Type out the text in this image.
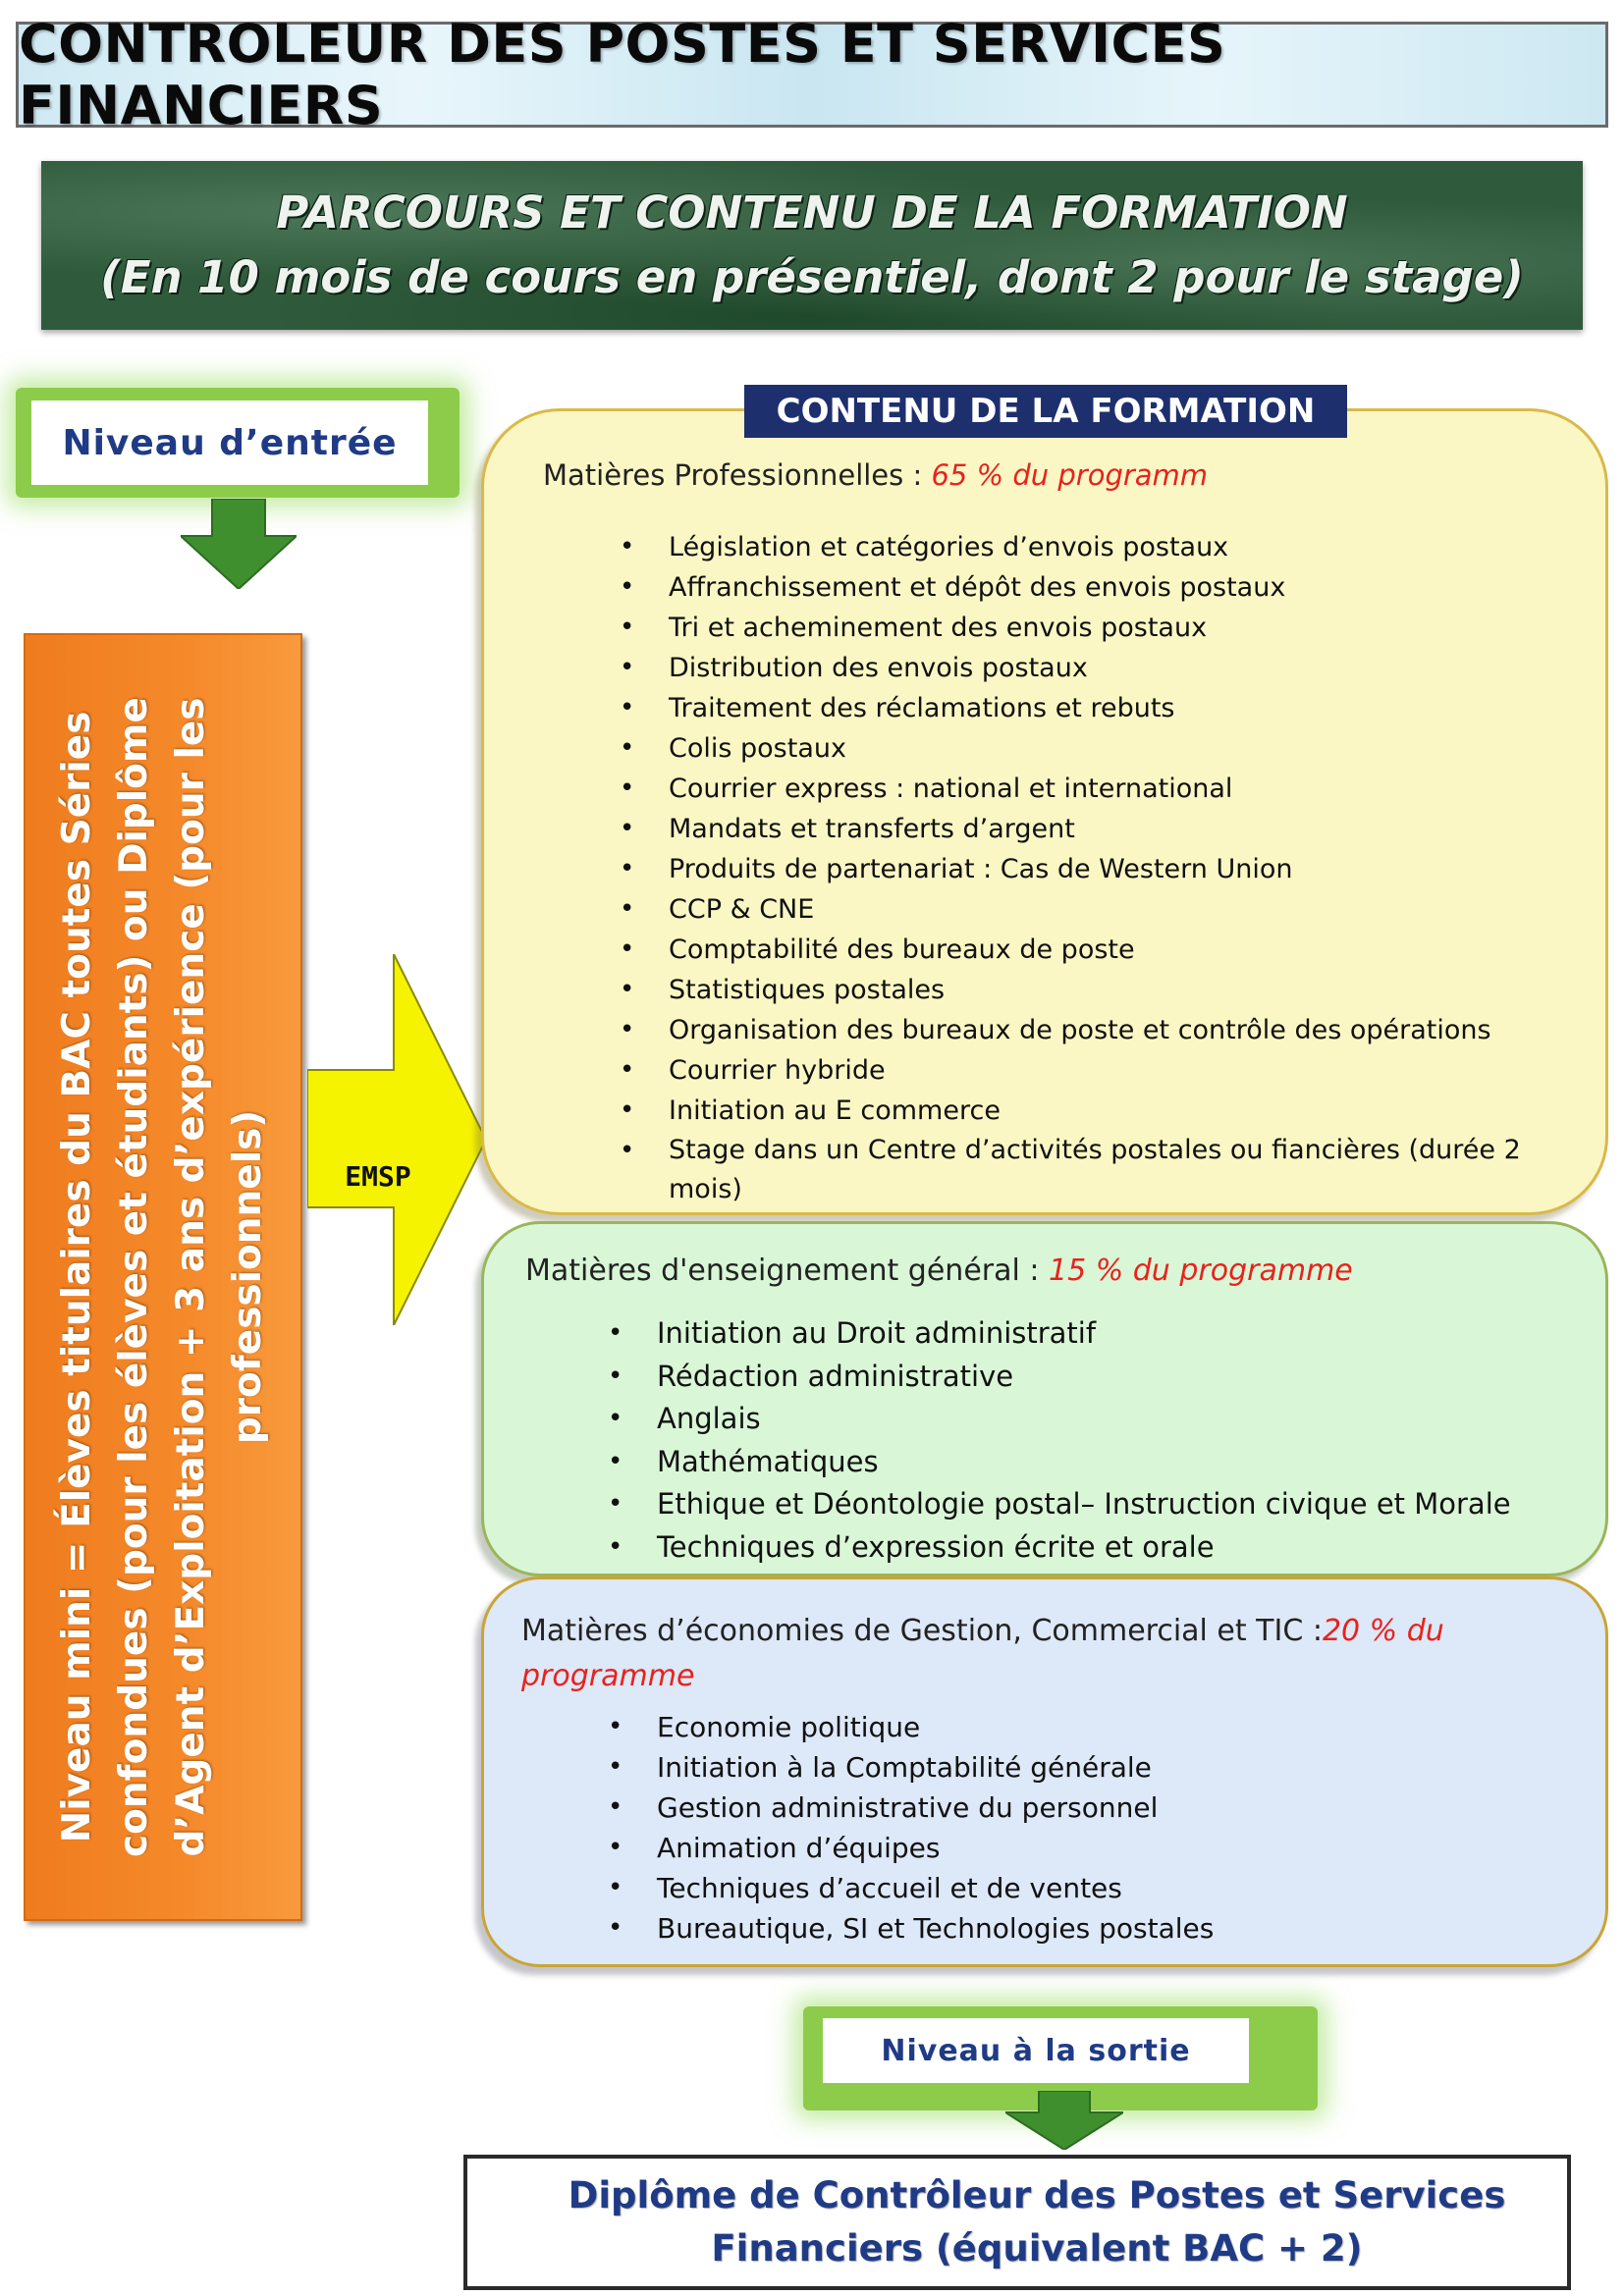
CONTROLEUR DES POSTES ET SERVICES FINANCIERS
PARCOURS ET CONTENU DE LA FORMATION
(En 10 mois de cours en présentiel, dont 2 pour le stage)
Niveau d’entrée
Niveau mini = Élèves titulaires du BAC toutes Séries confondues (pour les élèves et étudiants) ou Diplôme d’Agent d’Exploitation + 3 ans d’expérience (pour les professionnels)	EMSP
CONTENU DE LA FORMATION
Matières Professionnelles : 65 % du programm
• Législation et catégories d’envois postaux
• Affranchissement et dépôt des envois postaux
• Tri et acheminement des envois postaux
• Distribution des envois postaux
• Traitement des réclamations et rebuts
• Colis postaux
• Courrier express : national et international
• Mandats et transferts d’argent
• Produits de partenariat : Cas de Western Union
• CCP & CNE
• Comptabilité des bureaux de poste
• Statistiques postales
• Organisation des bureaux de poste et contrôle des opérations
• Courrier hybride
• Initiation au E commerce
• Stage dans un Centre d’activités postales ou fiancières (durée 2 mois)
Matières d'enseignement général : 15 % du programme
• Initiation au Droit administratif
• Rédaction administrative
• Anglais
• Mathématiques
• Ethique et Déontologie postal– Instruction civique et Morale
• Techniques d’expression écrite et orale
Matières d’économies de Gestion, Commercial et TIC :20 % du programme
• Economie politique
• Initiation à la Comptabilité générale
• Gestion administrative du personnel
• Animation d’équipes
• Techniques d’accueil et de ventes
• Bureautique, SI et Technologies postales
Niveau à la sortie
Diplôme de Contrôleur des Postes et Services
Financiers (équivalent BAC + 2)
